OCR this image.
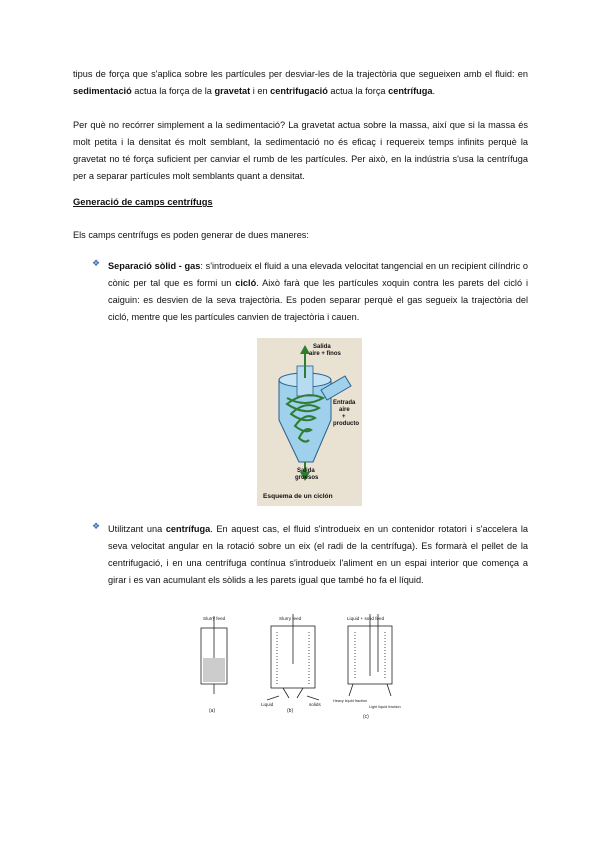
tipus de força que s'aplica sobre les partícules per desviar-les de la trajectòria que segueixen amb el fluid: en sedimentació actua la força de la gravetat i en centrifugació actua la força centrífuga.

Per què no recórrer simplement a la sedimentació? La gravetat actua sobre la massa, així que si la massa és molt petita i la densitat és molt semblant, la sedimentació no és eficaç i requereix temps infinits perquè la gravetat no té força suficient per canviar el rumb de les partícules. Per això, en la indústria s'usa la centrífuga per a separar partícules molt semblants quant a densitat.

Generació de camps centrífugs

Els camps centrífugs es poden generar de dues maneres:

❖ Separació sòlid - gas: s'introdueix el fluid a una elevada velocitat tangencial en un recipient cilíndric o cònic per tal que es formi un cicló. Això farà que les partícules xoquin contra les parets del cicló i caiguin: es desvien de la seva trajectòria. Es poden separar perquè el gas segueix la trajectòria del cicló, mentre que les partícules canvien de trajectòria i cauen.

Salida
aire + finos
Entrada
aire
+
producto
Salida
gruesos
Esquema de un ciclón
❖ Utilitzant una centrífuga. En aquest cas, el fluid s'introdueix en un contenidor rotatori i s'accelera la seva velocitat angular en la rotació sobre un eix (el radi de la centrífuga). Es formarà el pellet de la centrifugació, i en una centrífuga contínua s'introdueix l'aliment en un espai interior que comença a girar i es van acumulant els sòlids a les parets igual que també ho fa el líquid.

Slurry feed
(a)
Slurry feed
Liquid	solids
(b)
Liquid + solid feed
Heavy liquid fraction
Light liquid fraction
(c)
